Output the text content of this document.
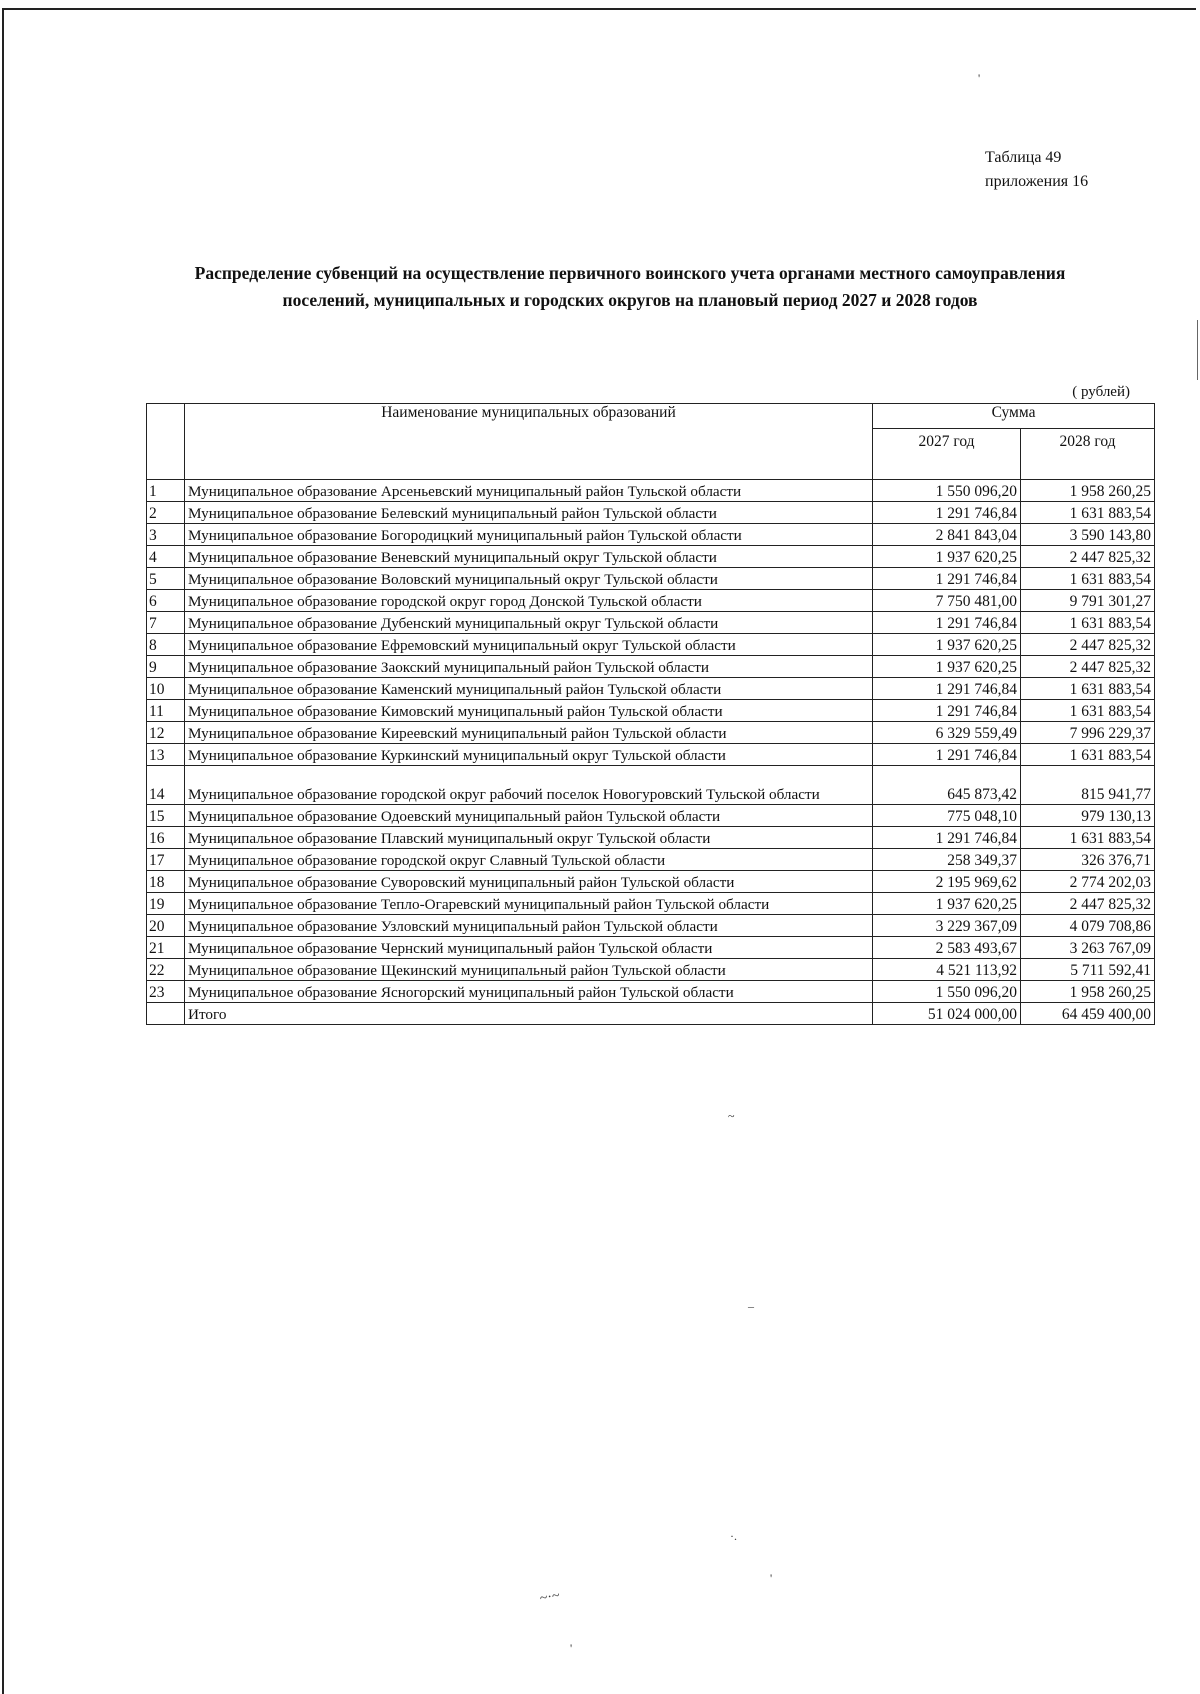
'
~
–
·.
'
'
~·~
Таблица 49
приложения 16
Распределение субвенций на осуществление первичного воинского учета органами местного самоуправления
поселений, муниципальных и городских округов на плановый период 2027 и 2028 годов
( рублей)
	Наименование муниципальных образований	Сумма	
		2027 год	2028 год
1	Муниципальное образование Арсеньевский муниципальный район Тульской области	1 550 096,20	1 958 260,25
2	Муниципальное образование Белевский муниципальный район Тульской области	1 291 746,84	1 631 883,54
3	Муниципальное образование Богородицкий муниципальный район Тульской области	2 841 843,04	3 590 143,80
4	Муниципальное образование Веневский муниципальный округ Тульской области	1 937 620,25	2 447 825,32
5	Муниципальное образование Воловский муниципальный округ Тульской области	1 291 746,84	1 631 883,54
6	Муниципальное образование городской округ город Донской Тульской области	7 750 481,00	9 791 301,27
7	Муниципальное образование Дубенский муниципальный округ Тульской области	1 291 746,84	1 631 883,54
8	Муниципальное образование Ефремовский муниципальный округ Тульской области	1 937 620,25	2 447 825,32
9	Муниципальное образование Заокский муниципальный район Тульской области	1 937 620,25	2 447 825,32
10	Муниципальное образование Каменский муниципальный район Тульской области	1 291 746,84	1 631 883,54
11	Муниципальное образование Кимовский муниципальный район Тульской области	1 291 746,84	1 631 883,54
12	Муниципальное образование Киреевский муниципальный район Тульской области	6 329 559,49	7 996 229,37
13	Муниципальное образование Куркинский муниципальный округ Тульской области	1 291 746,84	1 631 883,54
14	Муниципальное образование городской округ рабочий поселок Новогуровский Тульской области	645 873,42	815 941,77
15	Муниципальное образование Одоевский муниципальный район Тульской области	775 048,10	979 130,13
16	Муниципальное образование Плавский муниципальный округ Тульской области	1 291 746,84	1 631 883,54
17	Муниципальное образование городской округ Славный Тульской области	258 349,37	326 376,71
18	Муниципальное образование Суворовский муниципальный район Тульской области	2 195 969,62	2 774 202,03
19	Муниципальное образование Тепло-Огаревский муниципальный район Тульской области	1 937 620,25	2 447 825,32
20	Муниципальное образование Узловский муниципальный район Тульской области	3 229 367,09	4 079 708,86
21	Муниципальное образование Чернский муниципальный район Тульской области	2 583 493,67	3 263 767,09
22	Муниципальное образование Щекинский муниципальный район Тульской области	4 521 113,92	5 711 592,41
23	Муниципальное образование Ясногорский муниципальный район Тульской области	1 550 096,20	1 958 260,25
	Итого	51 024 000,00	64 459 400,00
